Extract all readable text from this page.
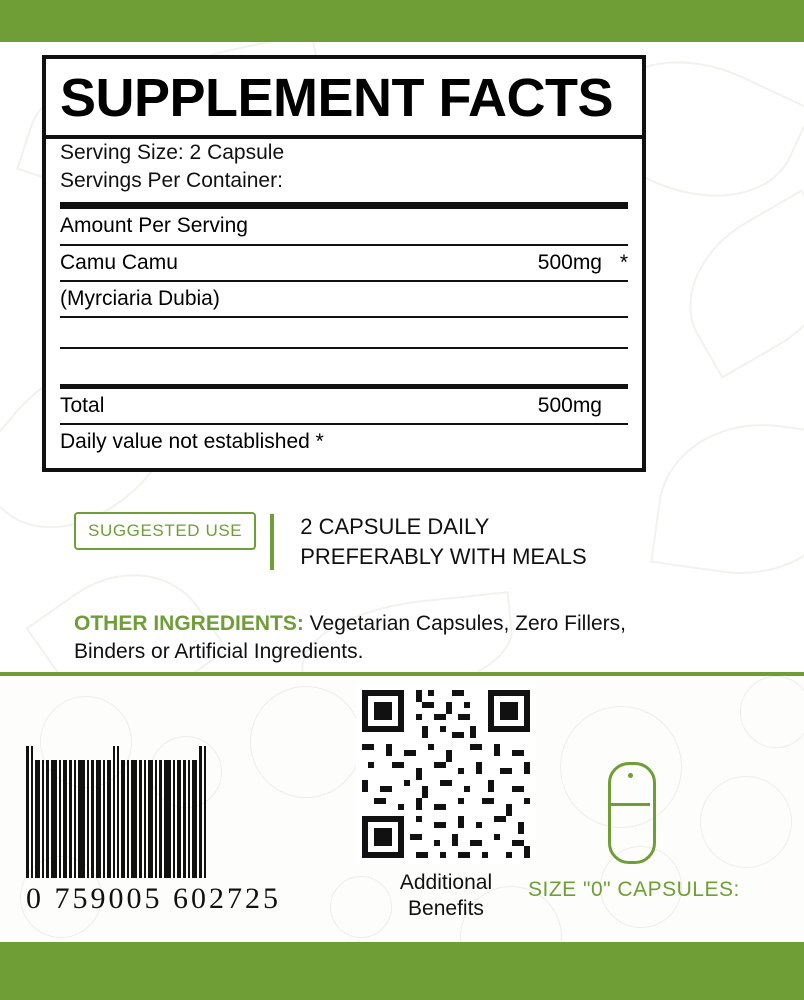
SUPPLEMENT FACTS
Serving Size: 2 Capsule
Servings Per Container:
Amount Per Serving
Camu Camu	500mg *
(Myrciaria Dubia)
Total	500mg
Daily value not established *
SUGGESTED USE	2 CAPSULE DAILY
PREFERABLY WITH MEALS
OTHER INGREDIENTS: Vegetarian Capsules, Zero Fillers, Binders or Artificial Ingredients.
0 759005 602725	Additional
Benefits
SIZE "0" CAPSULES:
